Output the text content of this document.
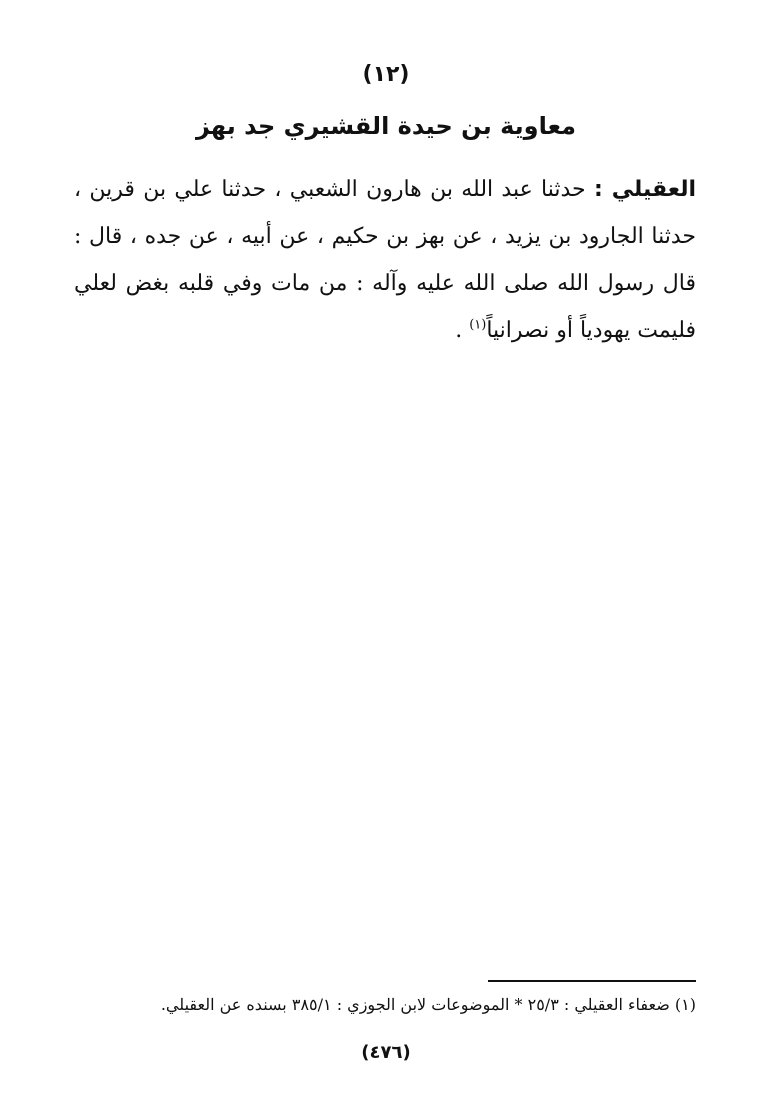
(١٢)
معاوية بن حيدة القشيري جد بهز
العقيلي : حدثنا عبد الله بن هارون الشعبي ، حدثنا علي بن قرين ، حدثنا الجارود بن يزيد ، عن بهز بن حكيم ، عن أبيه ، عن جده ، قال : قال رسول الله صلى الله عليه وآله : من مات وفي قلبه بغض لعلي فليمت يهودياً أو نصرانياً$^{(١)}$ .
(١) ضعفاء العقيلي : ٢٥/٣ * الموضوعات لابن الجوزي : ٣٨٥/١ بسنده عن العقيلي.
(٤٧٦)
